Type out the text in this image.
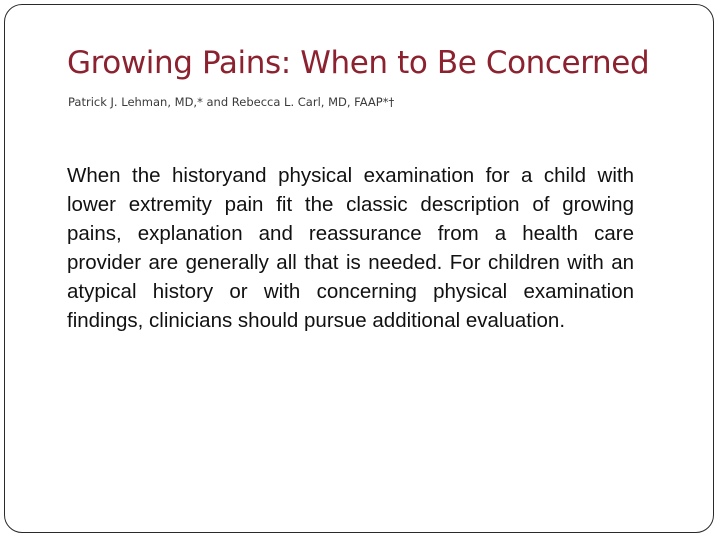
Growing Pains: When to Be Concerned

Patrick J. Lehman, MD,* and Rebecca L. Carl, MD, FAAP*†

When the historyand physical examination for a child with lower extremity pain fit the classic description of growing pains, explanation and reassurance from a health care provider are generally all that is needed. For children with an atypical history or with concerning physical examination findings, clinicians should pursue additional evaluation.
